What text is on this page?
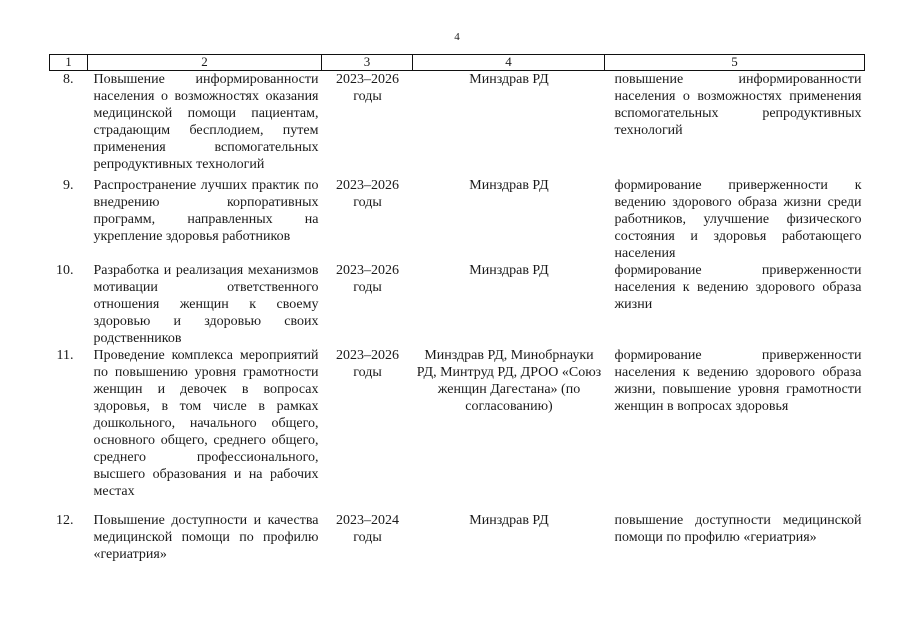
4
1	2	3	4	5
8.	Повышение информированности населения о возможностях оказания медицинской помощи пациентам, страдающим бесплодием, путем применения вспомогательных репродуктивных технологий	2023–2026 годы	Минздрав РД	повышение информированности населения о возможностях применения вспомогательных репродуктивных технологий
9.	Распространение лучших практик по внедрению корпоративных программ, направленных на укрепление здоровья работников	2023–2026 годы	Минздрав РД	формирование приверженности к ведению здорового образа жизни среди работников, улучшение физического состояния и здоровья работающего населения
10.	Разработка и реализация механизмов мотивации ответственного отношения женщин к своему здоровью и здоровью своих родственников	2023–2026 годы	Минздрав РД	формирование приверженности населения к ведению здорового образа жизни
11.	Проведение комплекса мероприятий по повышению уровня грамотности женщин и девочек в вопросах здоровья, в том числе в рамках дошкольного, начального общего, основного общего, среднего общего, среднего профессионального, высшего образования и на рабочих местах	2023–2026 годы	Минздрав РД, Минобрнауки РД, Минтруд РД, ДРОО «Союз женщин Дагестана» (по согласованию)	формирование приверженности населения к ведению здорового образа жизни, повышение уровня грамотности женщин в вопросах здоровья
12.	Повышение доступности и качества медицинской помощи по профилю «гериатрия»	2023–2024 годы	Минздрав РД	повышение доступности медицинской помощи по профилю «гериатрия»
